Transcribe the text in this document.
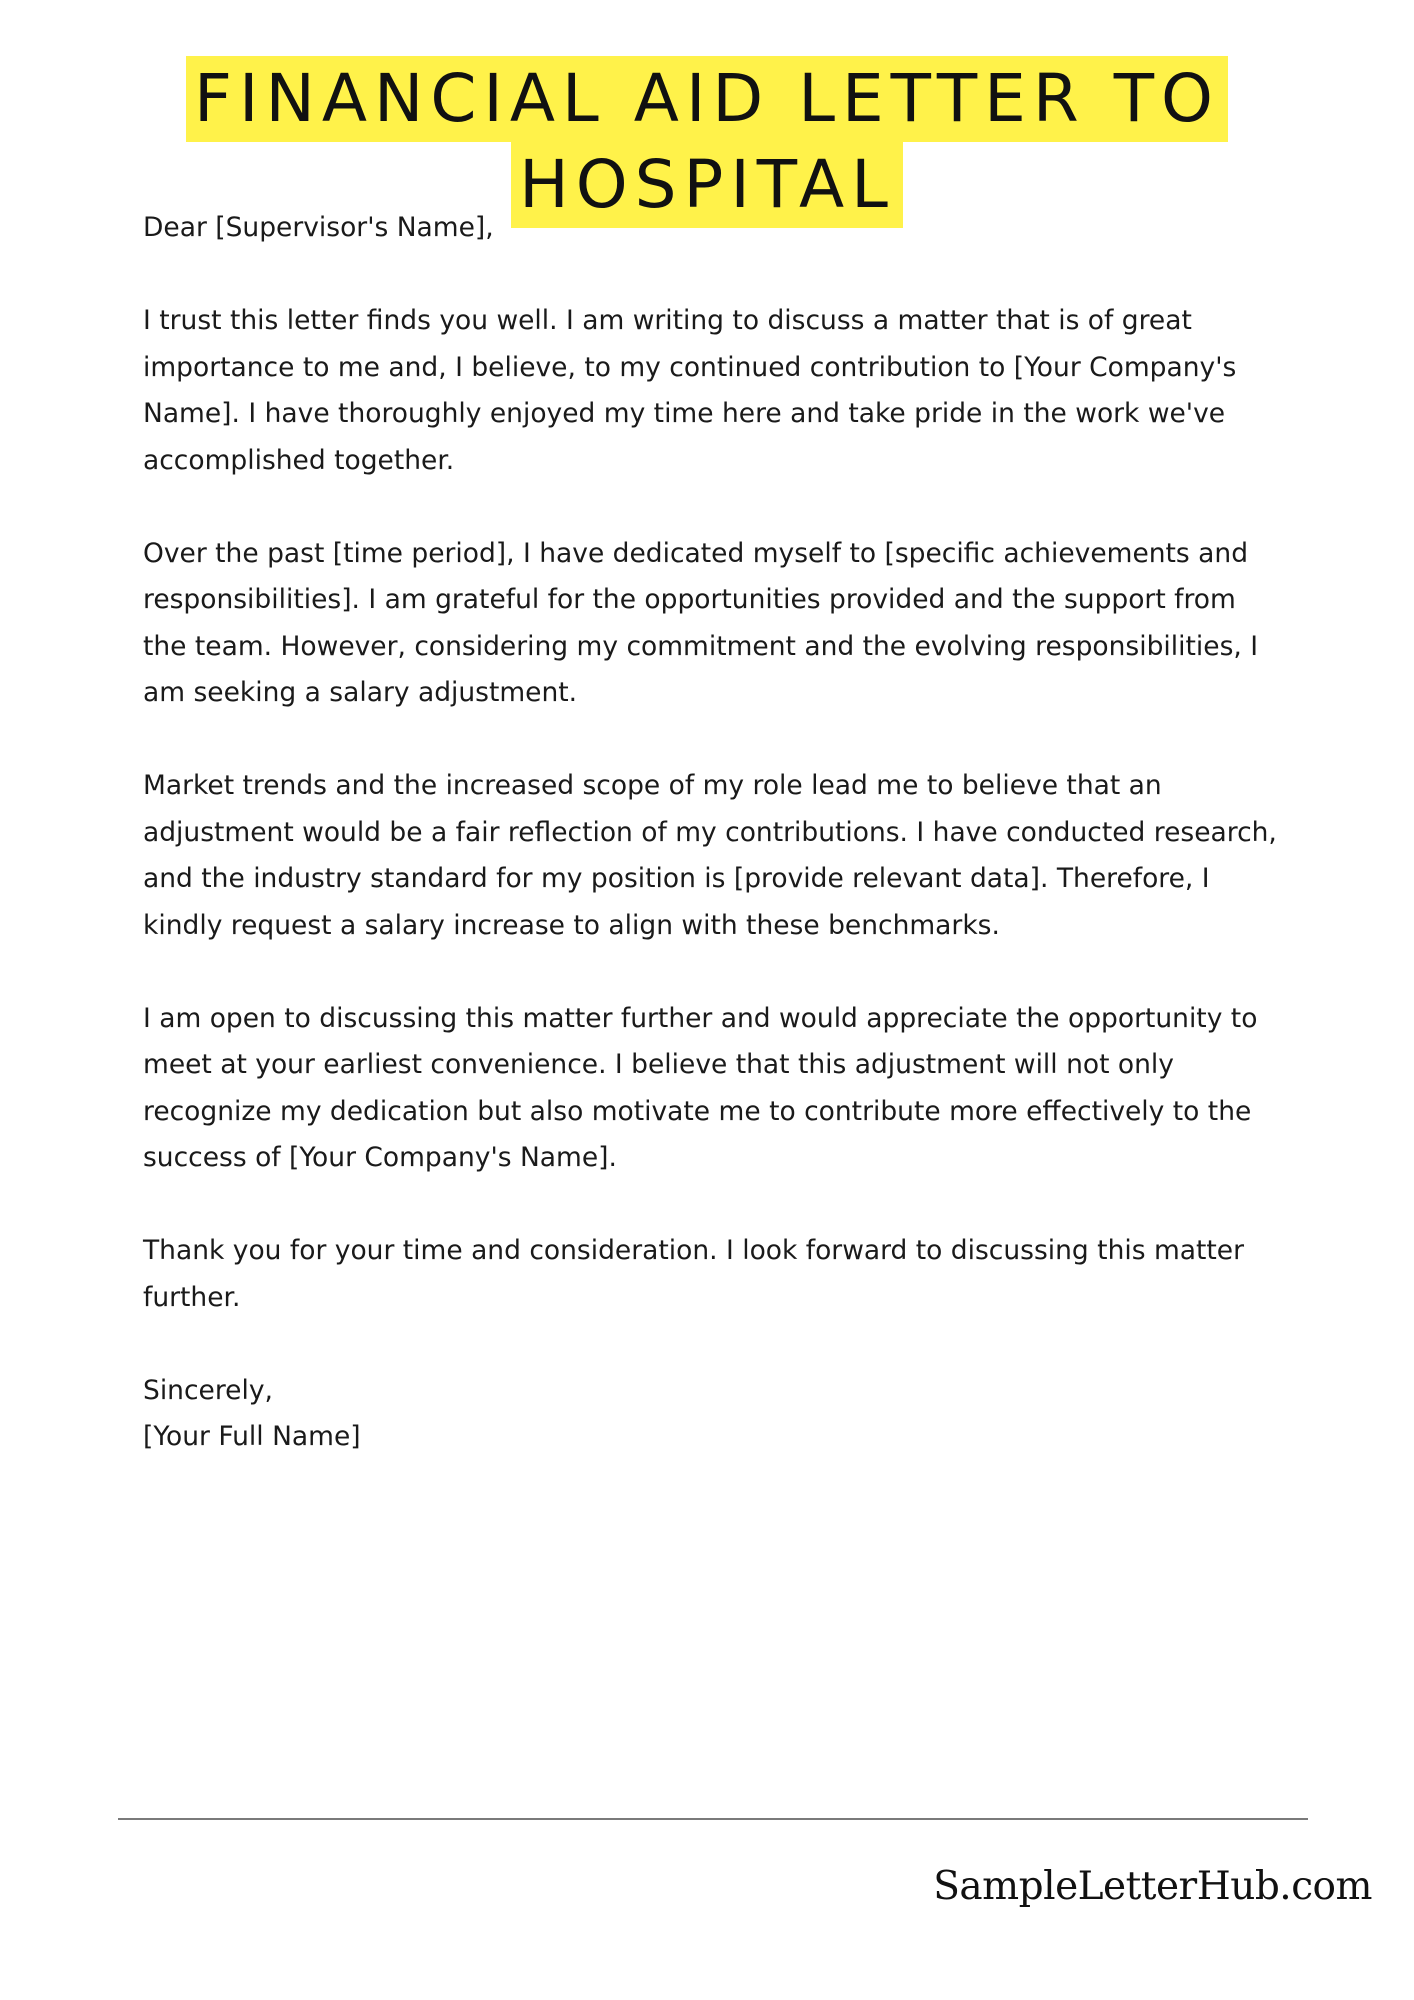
FINANCIAL AID LETTER TO
HOSPITAL

Dear [Supervisor's Name],

I trust this letter finds you well. I am writing to discuss a matter that is of great importance to me and, I believe, to my continued contribution to [Your Company's Name]. I have thoroughly enjoyed my time here and take pride in the work we've accomplished together.

Over the past [time period], I have dedicated myself to [specific achievements and responsibilities]. I am grateful for the opportunities provided and the support from the team. However, considering my commitment and the evolving responsibilities, I am seeking a salary adjustment.

Market trends and the increased scope of my role lead me to believe that an adjustment would be a fair reflection of my contributions. I have conducted research, and the industry standard for my position is [provide relevant data]. Therefore, I kindly request a salary increase to align with these benchmarks.

I am open to discussing this matter further and would appreciate the opportunity to meet at your earliest convenience. I believe that this adjustment will not only recognize my dedication but also motivate me to contribute more effectively to the success of [Your Company's Name].

Thank you for your time and consideration. I look forward to discussing this matter further.

Sincerely,

[Your Full Name]

SampleLetterHub.com
